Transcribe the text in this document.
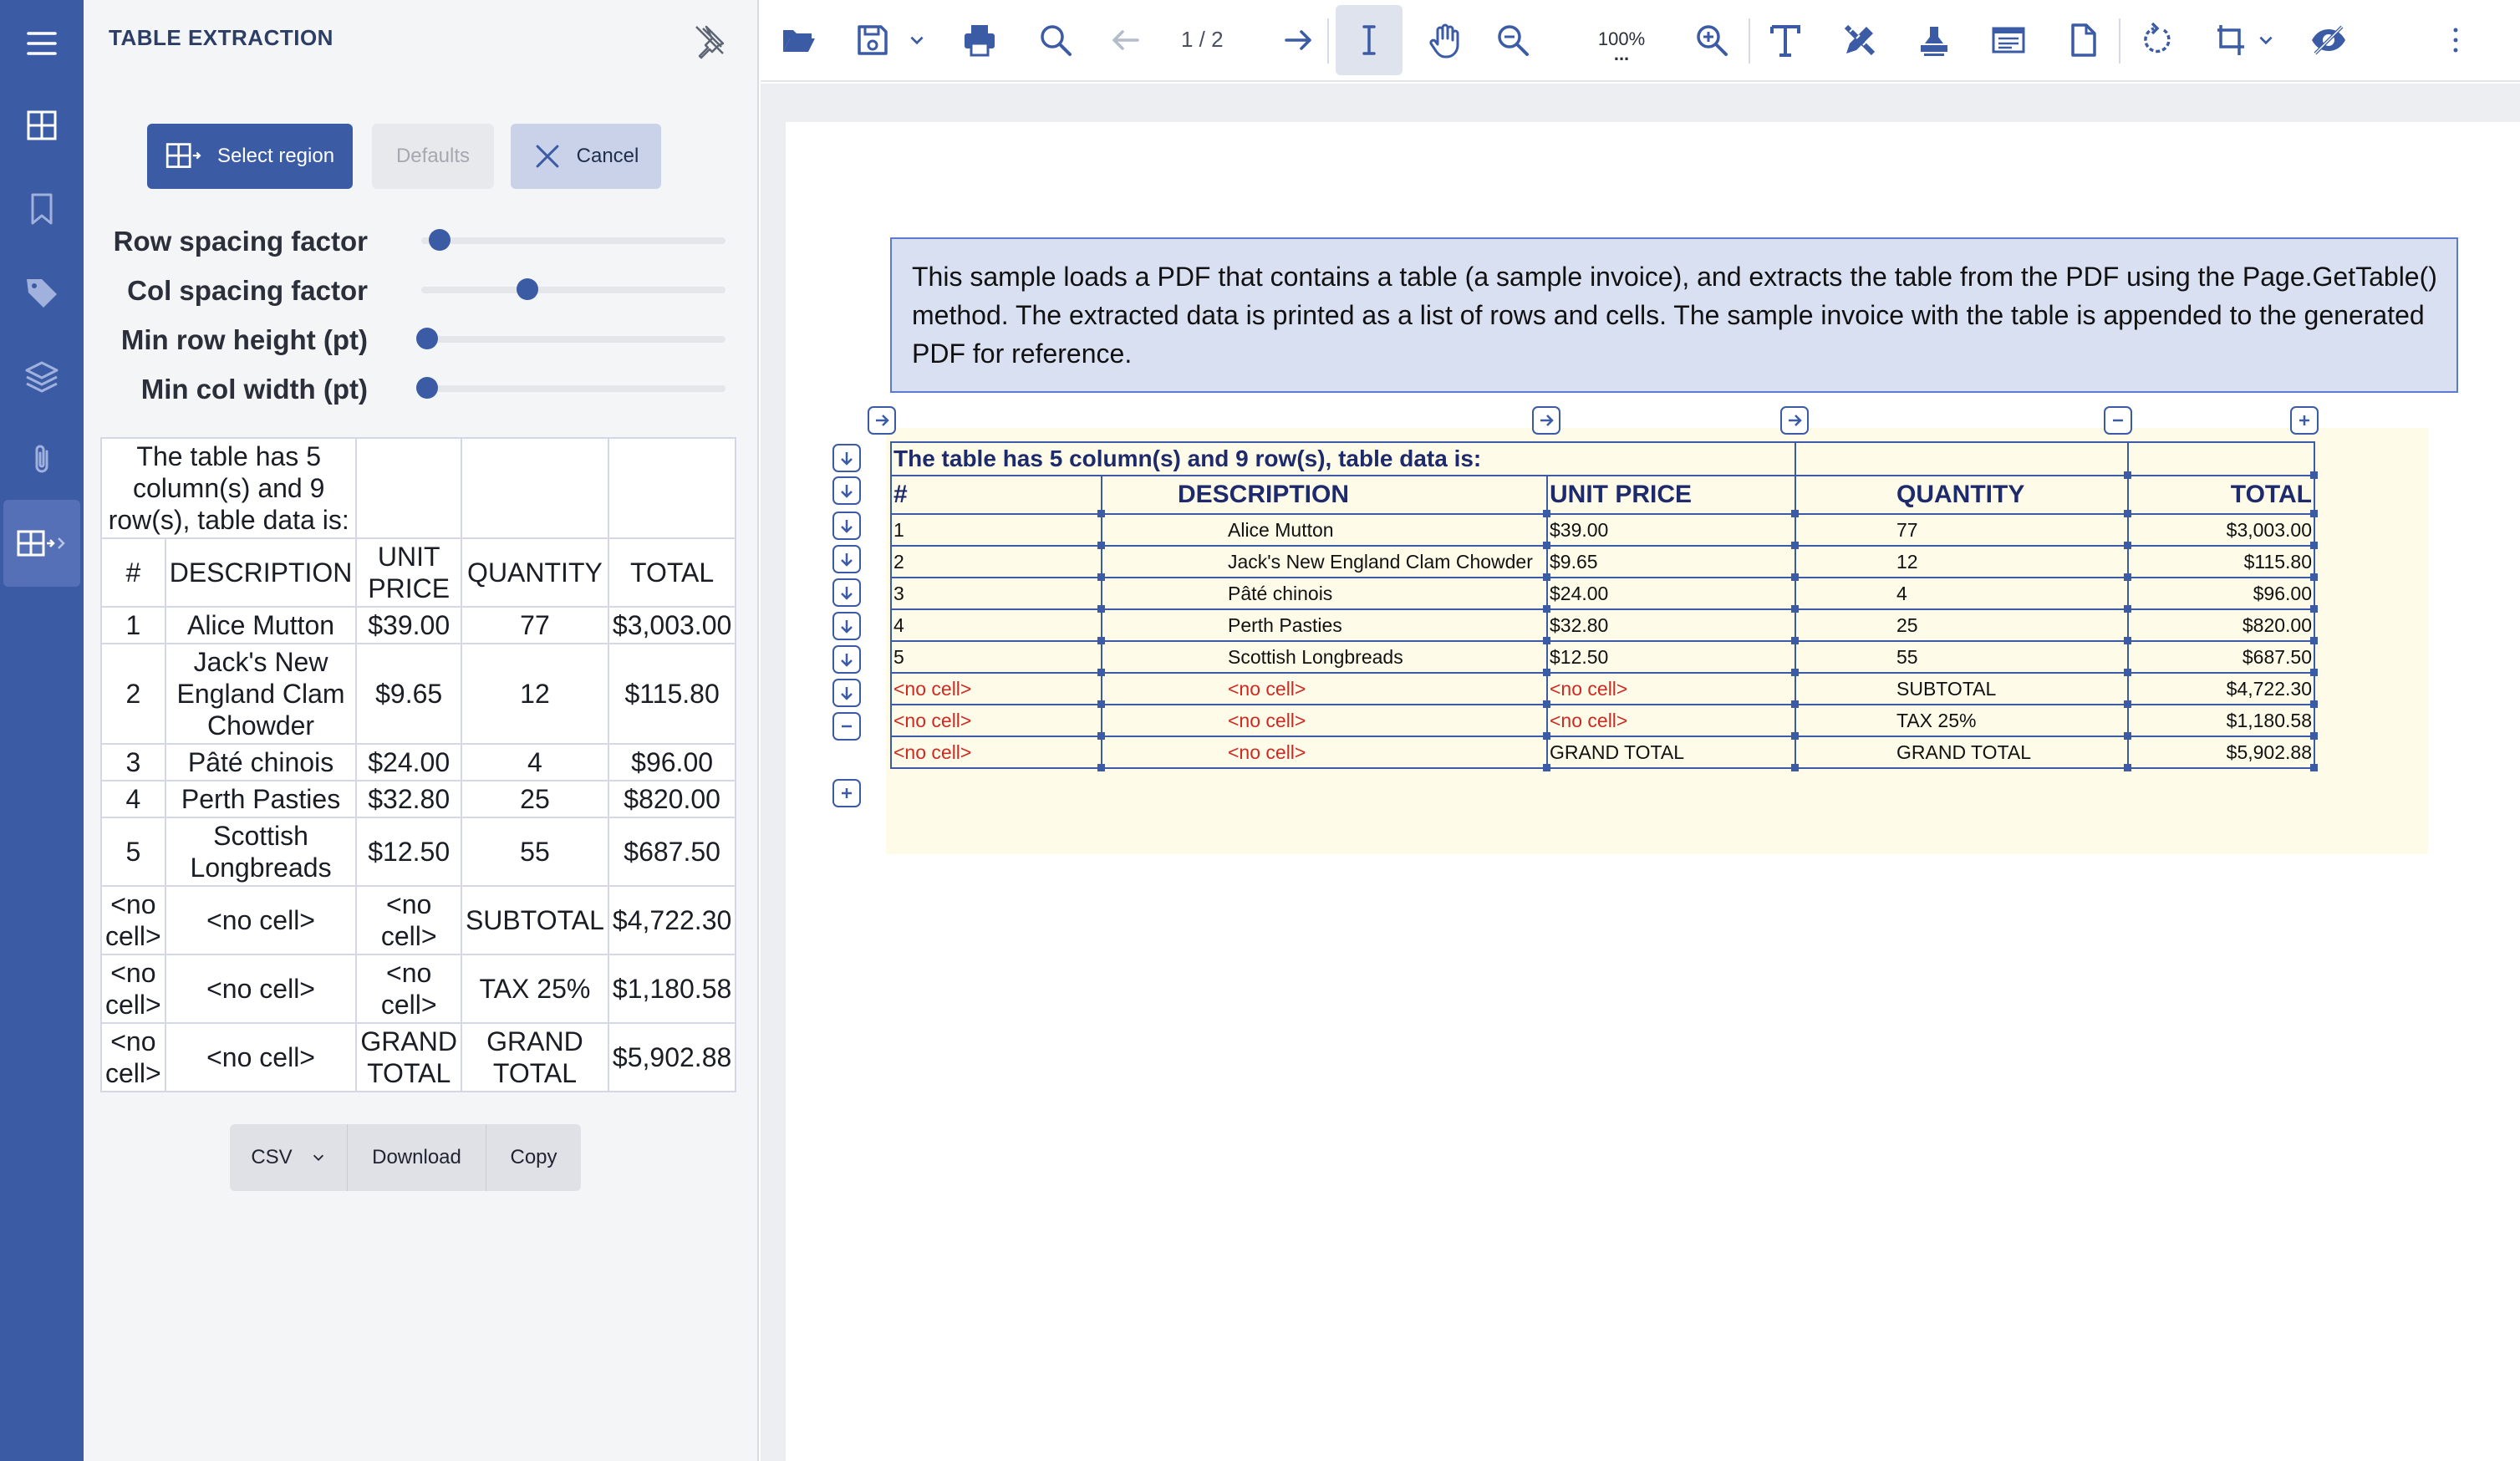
TABLE EXTRACTION
Select region	Defaults	Cancel
Row spacing factor
Col spacing factor
Min row height (pt)
Min col width (pt)
The table has 5 column(s) and 9 row(s), table data is:				
#	DESCRIPTION	UNIT PRICE	QUANTITY	TOTAL
1	Alice Mutton	$39.00	77	$3,003.00
2	Jack's New England Clam Chowder	$9.65	12	$115.80
3	Pâté chinois	$24.00	4	$96.00
4	Perth Pasties	$32.80	25	$820.00
5	Scottish Longbreads	$12.50	55	$687.50
<no cell>	<no cell>	<no cell>	SUBTOTAL	$4,722.30
<no cell>	<no cell>	<no cell>	TAX 25%	$1,180.58
<no cell>	<no cell>	GRAND TOTAL	GRAND TOTAL	$5,902.88
CSV	Download Copy
1 / 2	100%
...
This sample loads a PDF that contains a table (a sample invoice), and extracts the table from the PDF using the Page.GetTable() method. The extracted data is printed as a list of rows and cells. The sample invoice with the table is appended to the generated PDF for reference.
The table has 5 column(s) and 9 row(s), table data is:			

#	DESCRIPTION	UNIT PRICE	QUANTITY	TOTAL

1	Alice Mutton	$39.00	77	$3,003.00

2	Jack's New England Clam Chowder	$9.65	12	$115.80

3	Pâté chinois	$24.00	4	$96.00

4	Perth Pasties	$32.80	25	$820.00

5	Scottish Longbreads	$12.50	55	$687.50

<no cell>	<no cell>	<no cell>	SUBTOTAL	$4,722.30

<no cell>	<no cell>	<no cell>	TAX 25%	$1,180.58

<no cell>	<no cell>	GRAND TOTAL	GRAND TOTAL	$5,902.88
